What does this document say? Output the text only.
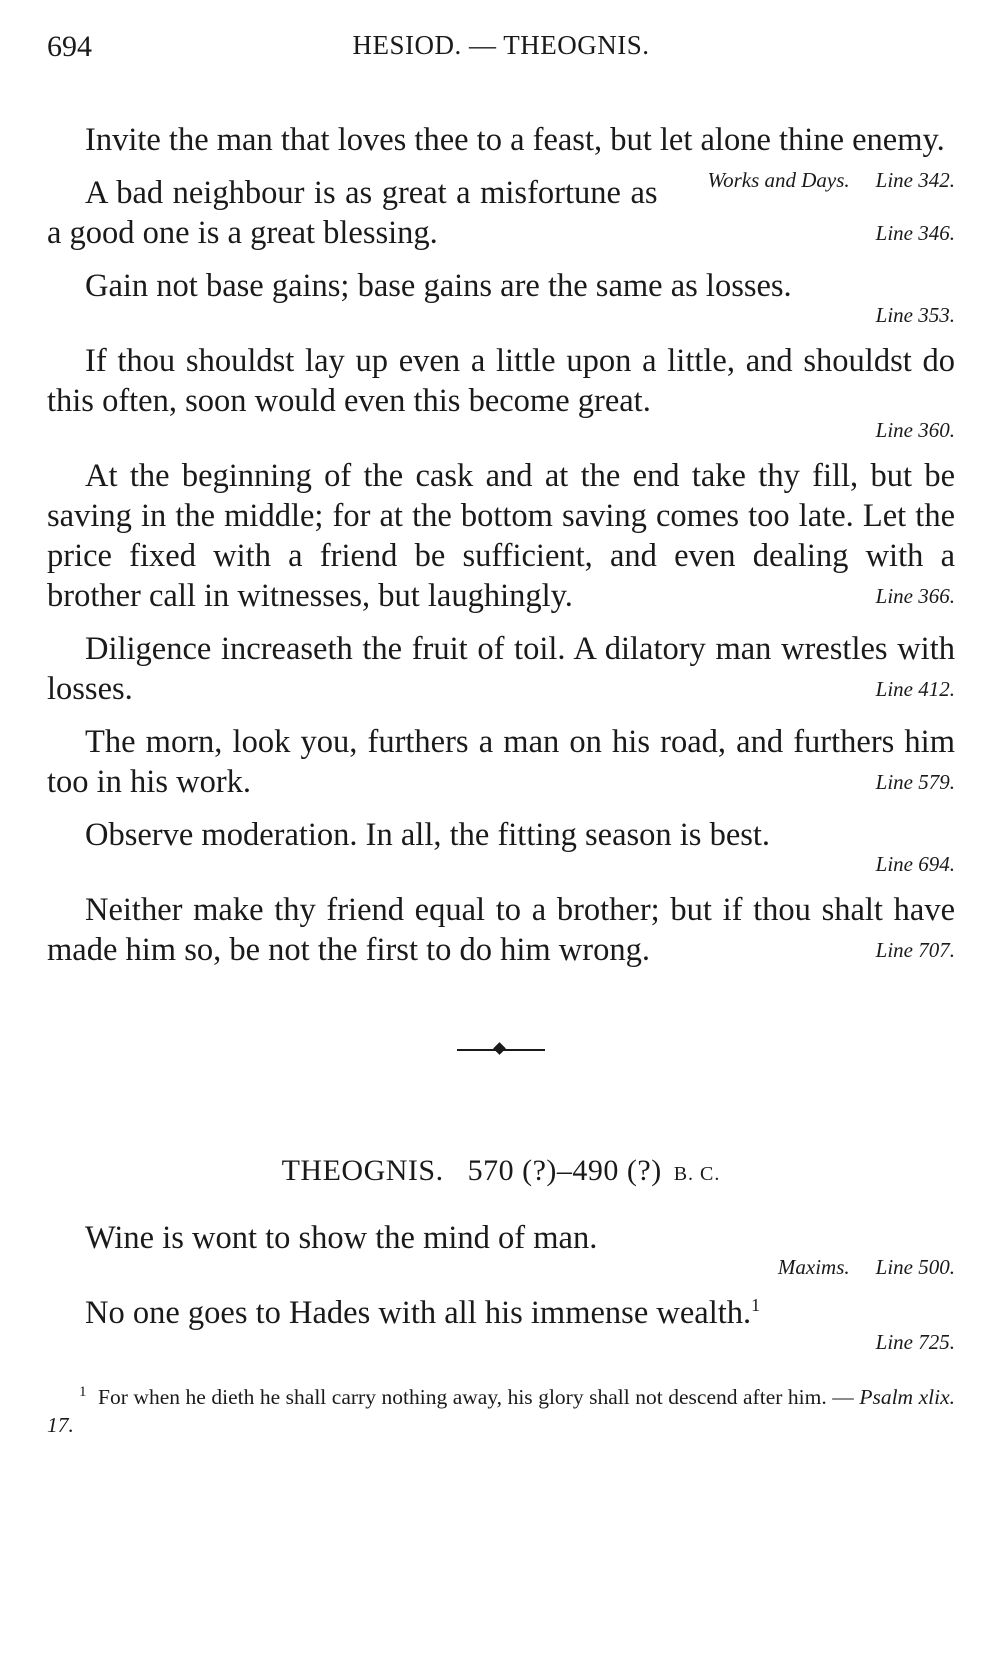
694	HESIOD. — THEOGNIS.

Invite the man that loves thee to a feast, but let alone thine enemy.
Works and Days. Line 342.

A bad neighbour is as great a misfortune as a good one is a great blessing.	Line 346.

Gain not base gains; base gains are the same as losses.
Line 353.

If thou shouldst lay up even a little upon a little, and shouldst do this often, soon would even this become great.
Line 360.

At the beginning of the cask and at the end take thy fill, but be saving in the middle; for at the bottom saving comes too late. Let the price fixed with a friend be sufficient, and even dealing with a brother call in witnesses, but laughingly.	Line 366.

Diligence increaseth the fruit of toil. A dilatory man wrestles with losses.	Line 412.

The morn, look you, furthers a man on his road, and furthers him too in his work.	Line 579.

Observe moderation. In all, the fitting season is best.
Line 694.

Neither make thy friend equal to a brother; but if thou shalt have made him so, be not the first to do him wrong.	Line 707.

THEOGNIS. 570 (?)–490 (?) B. C.

Wine is wont to show the mind of man.
Maxims. Line 500.

No one goes to Hades with all his immense wealth.$^1$
Line 725.

$^1$ For when he dieth he shall carry nothing away, his glory shall not descend after him. — Psalm xlix. 17.
